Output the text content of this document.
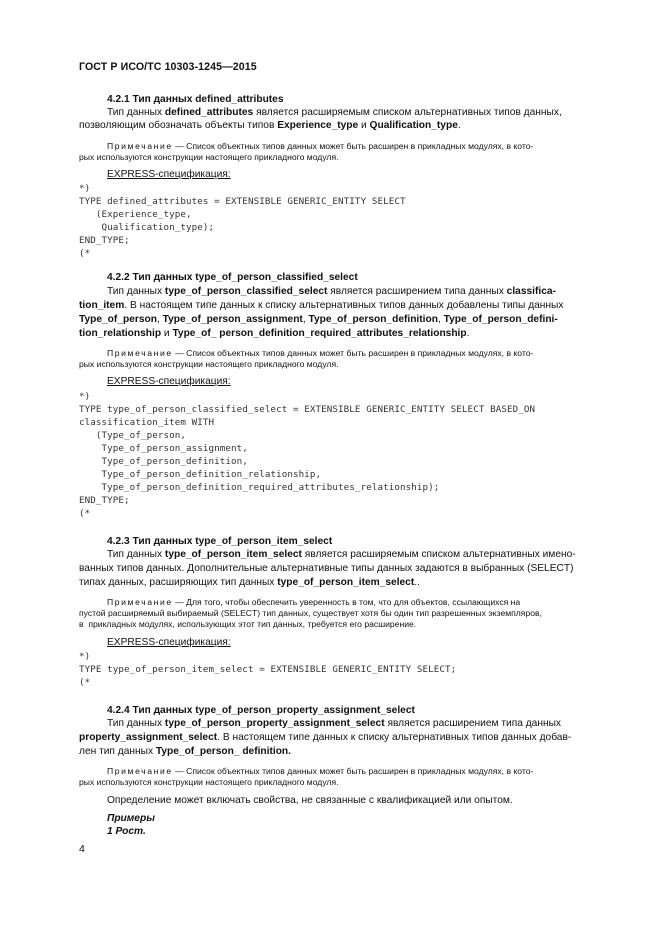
ГОСТ Р ИСО/ТС 10303-1245—2015
4.2.1 Тип данных defined_attributes
Тип данных defined_attributes является расширяемым списком альтернативных типов данных,
позволяющим обозначать объекты типов Experience_type и Qualification_type.
Примечание — Список объектных типов данных может быть расширен в прикладных модулях, в кото-
рых используются конструкции настоящего прикладного модуля.
EXPRESS-спецификация:
*)
TYPE defined_attributes = EXTENSIBLE GENERIC_ENTITY SELECT
(Experience_type,
Qualification_type);
END_TYPE;
(*
4.2.2 Тип данных type_of_person_classified_select
Тип данных type_of_person_classified_select является расширением типа данных classifica-
tion_item. В настоящем типе данных к списку альтернативных типов данных добавлены типы данных
Type_of_person, Type_of_person_assignment, Type_of_person_definition, Type_of_person_defini-
tion_relationship и Type_of_ person_definition_required_attributes_relationship.
Примечание — Список объектных типов данных может быть расширен в прикладных модулях, в кото-
рых используются конструкции настоящего прикладного модуля.
EXPRESS-спецификация:
*)
TYPE type_of_person_classified_select = EXTENSIBLE GENERIC_ENTITY SELECT BASED_ON
classification_item WITH
(Type_of_person,
Type_of_person_assignment,
Type_of_person_definition,
Type_of_person_definition_relationship,
Type_of_person_definition_required_attributes_relationship);
END_TYPE;
(*
4.2.3 Тип данных type_of_person_item_select
Тип данных type_of_person_item_select является расширяемым списком альтернативных имено-
ванных типов данных. Дополнительные альтернативные типы данных задаются в выбранных (SELECT)
типах данных, расширяющих тип данных type_of_person_item_select..
Примечание — Для того, чтобы обеспечить уверенность в том, что для объектов, ссылающихся на
пустой расширяемый выбираемый (SELECT) тип данных, существует хотя бы один тип разрешенных экземпляров,
в  прикладных модулях, использующих этот тип данных, требуется его расширение.
EXPRESS-спецификация:
*)
TYPE type_of_person_item_select = EXTENSIBLE GENERIC_ENTITY SELECT;
(*
4.2.4 Тип данных type_of_person_property_assignment_select
Тип данных type_of_person_property_assignment_select является расширением типа данных
property_assignment_select. В настоящем типе данных к списку альтернативных типов данных добав-
лен тип данных Type_of_person_ definition.
Примечание — Список объектных типов данных может быть расширен в прикладных модулях, в кото-
рых используются конструкции настоящего прикладного модуля.
Определение может включать свойства, не связанные с квалификацией или опытом.
Примеры
1 Рост.
4
